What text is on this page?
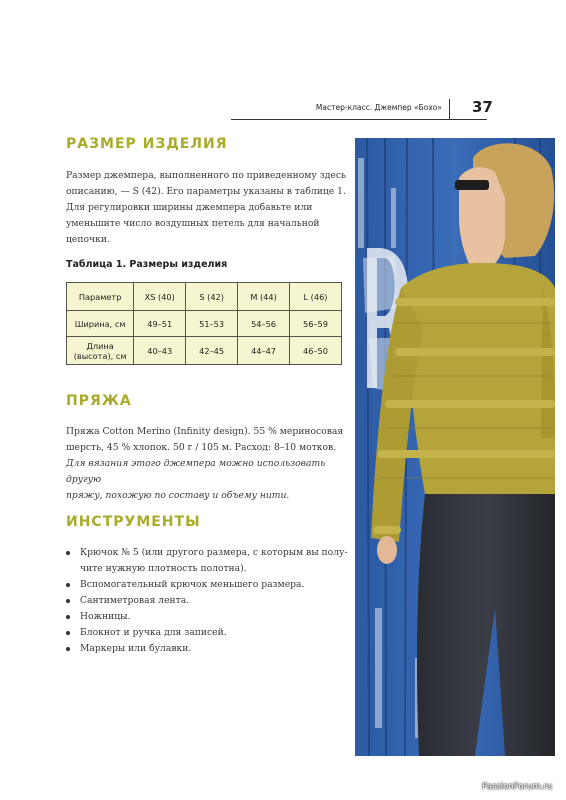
Мастер-класс. Джемпер «Бохо» 37
РАЗМЕР ИЗДЕЛИЯ
Размер джемпера, выполненного по приведенному здесь
описанию, — S (42). Его параметры указаны в таблице 1.
Для регулировки ширины джемпера добавьте или
уменьшите число воздушных петель для начальной
цепочки.
Таблица 1. Размеры изделия
Параметр	XS (40)	S (42)	M (44)	L (46)
Ширина, см	49–51	51–53	54–56	56–59

Длина
(высота), см	40–43	42–45	44–47	46–50
ПРЯЖА
Пряжа Cotton Merino (Infinity design). 55 % мериносовая
шерсть, 45 % хлопок. 50 г / 105 м. Расход: 8–10 мотков.
Для вязания этого джемпера можно использовать другую
пряжу, похожую по составу и объему нити.
ИНСТРУМЕНТЫ
Крючок № 5 (или другого размера, с которым вы полу-
чите нужную плотность полотна).
Вспомогательный крючок меньшего размера.
Сантиметровая лента.
Ножницы.
Блокнот и ручка для записей.
Маркеры или булавки.
PassionForum.ru
